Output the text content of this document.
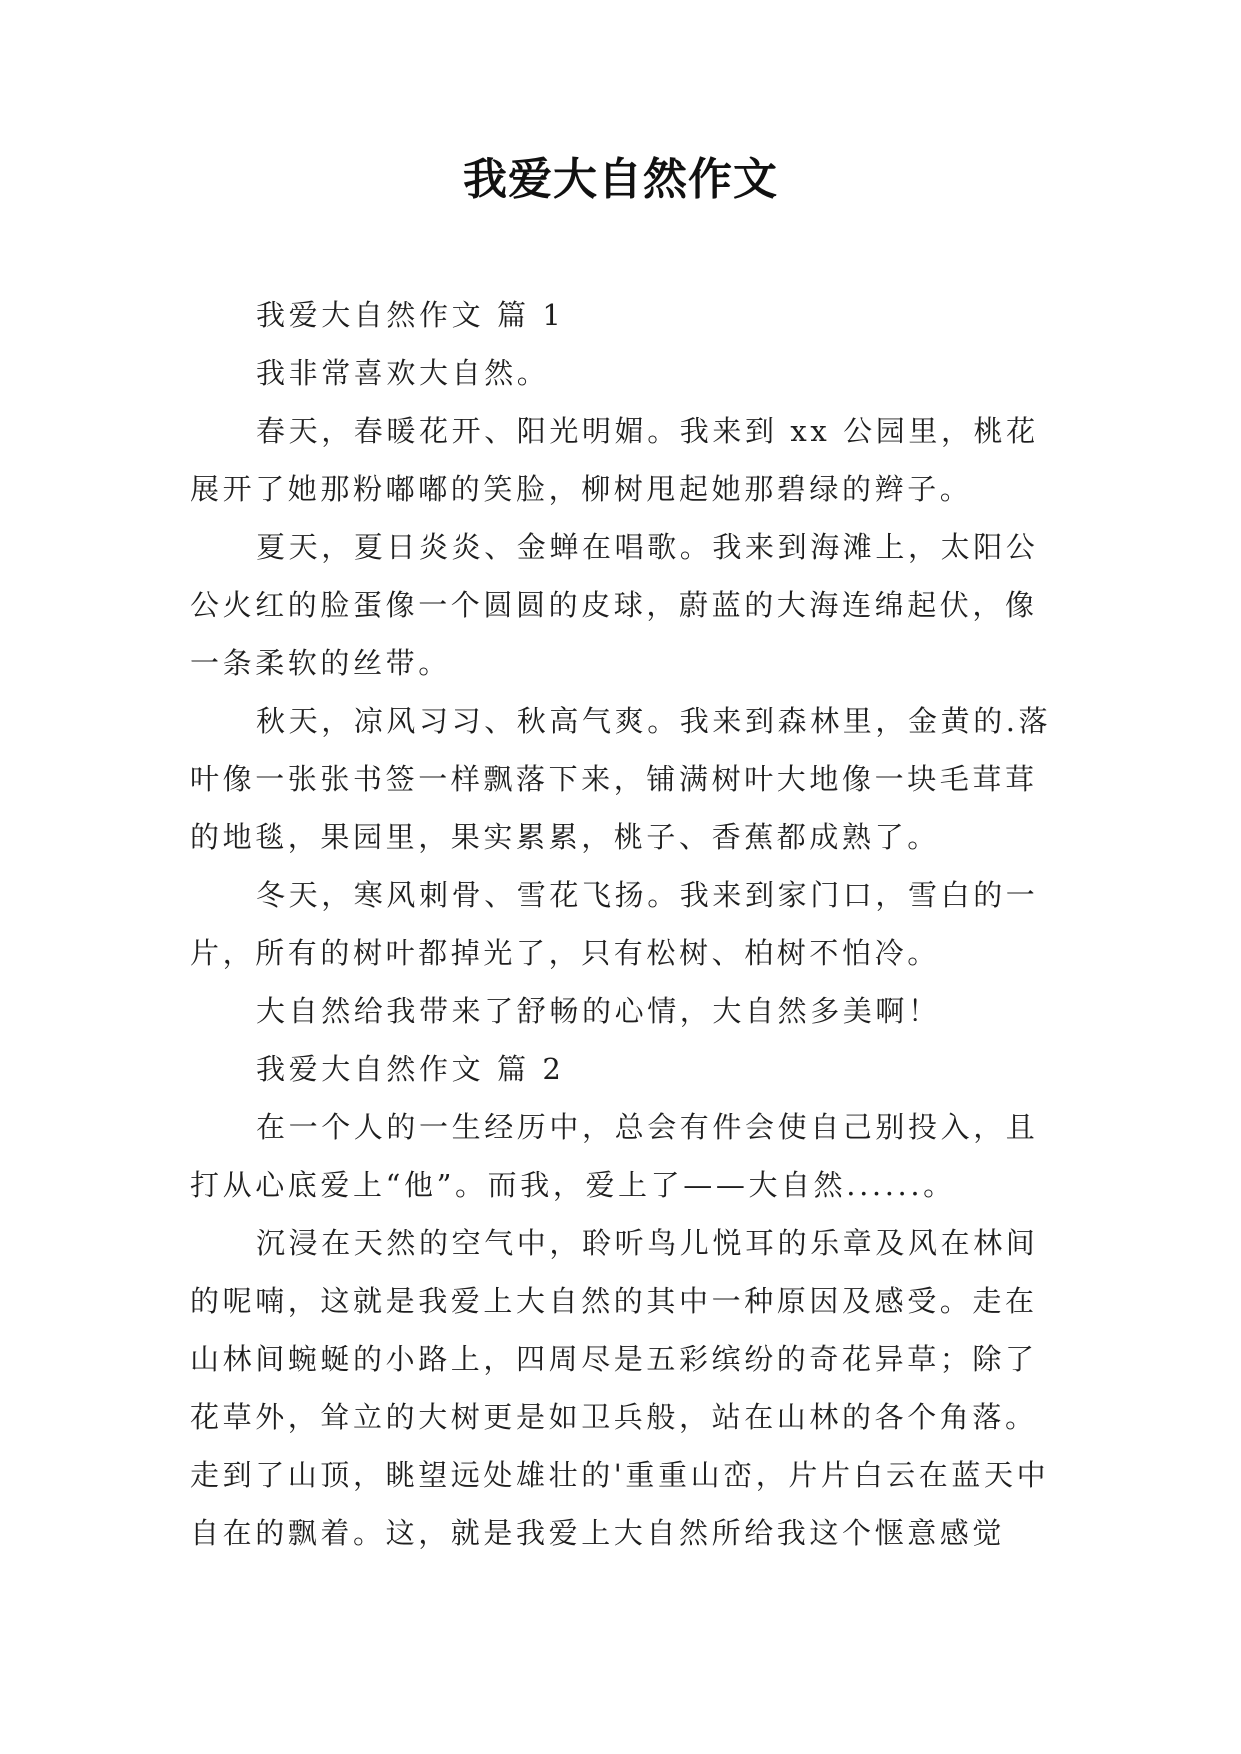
我爱大自然作文

我爱大自然作文 篇 1

我非常喜欢大自然。

春天，春暖花开、阳光明媚。我来到 xx 公园里，桃花展开了她那粉嘟嘟的笑脸，柳树甩起她那碧绿的辫子。

夏天，夏日炎炎、金蝉在唱歌。我来到海滩上，太阳公公火红的脸蛋像一个圆圆的皮球，蔚蓝的大海连绵起伏，像一条柔软的丝带。

秋天，凉风习习、秋高气爽。我来到森林里，金黄的.落叶像一张张书签一样飘落下来，铺满树叶大地像一块毛茸茸的地毯，果园里，果实累累，桃子、香蕉都成熟了。

冬天，寒风刺骨、雪花飞扬。我来到家门口，雪白的一片，所有的树叶都掉光了，只有松树、柏树不怕冷。

大自然给我带来了舒畅的心情，大自然多美啊！

我爱大自然作文 篇 2

在一个人的一生经历中，总会有件会使自己别投入，且打从心底爱上“他”。而我，爱上了——大自然......。

沉浸在天然的空气中，聆听鸟儿悦耳的乐章及风在林间的呢喃，这就是我爱上大自然的其中一种原因及感受。走在山林间蜿蜒的小路上，四周尽是五彩缤纷的奇花异草；除了花草外，耸立的大树更是如卫兵般，站在山林的各个角落。走到了山顶，眺望远处雄壮的'重重山峦，片片白云在蓝天中自在的飘着。这，就是我爱上大自然所给我这个惬意感觉
